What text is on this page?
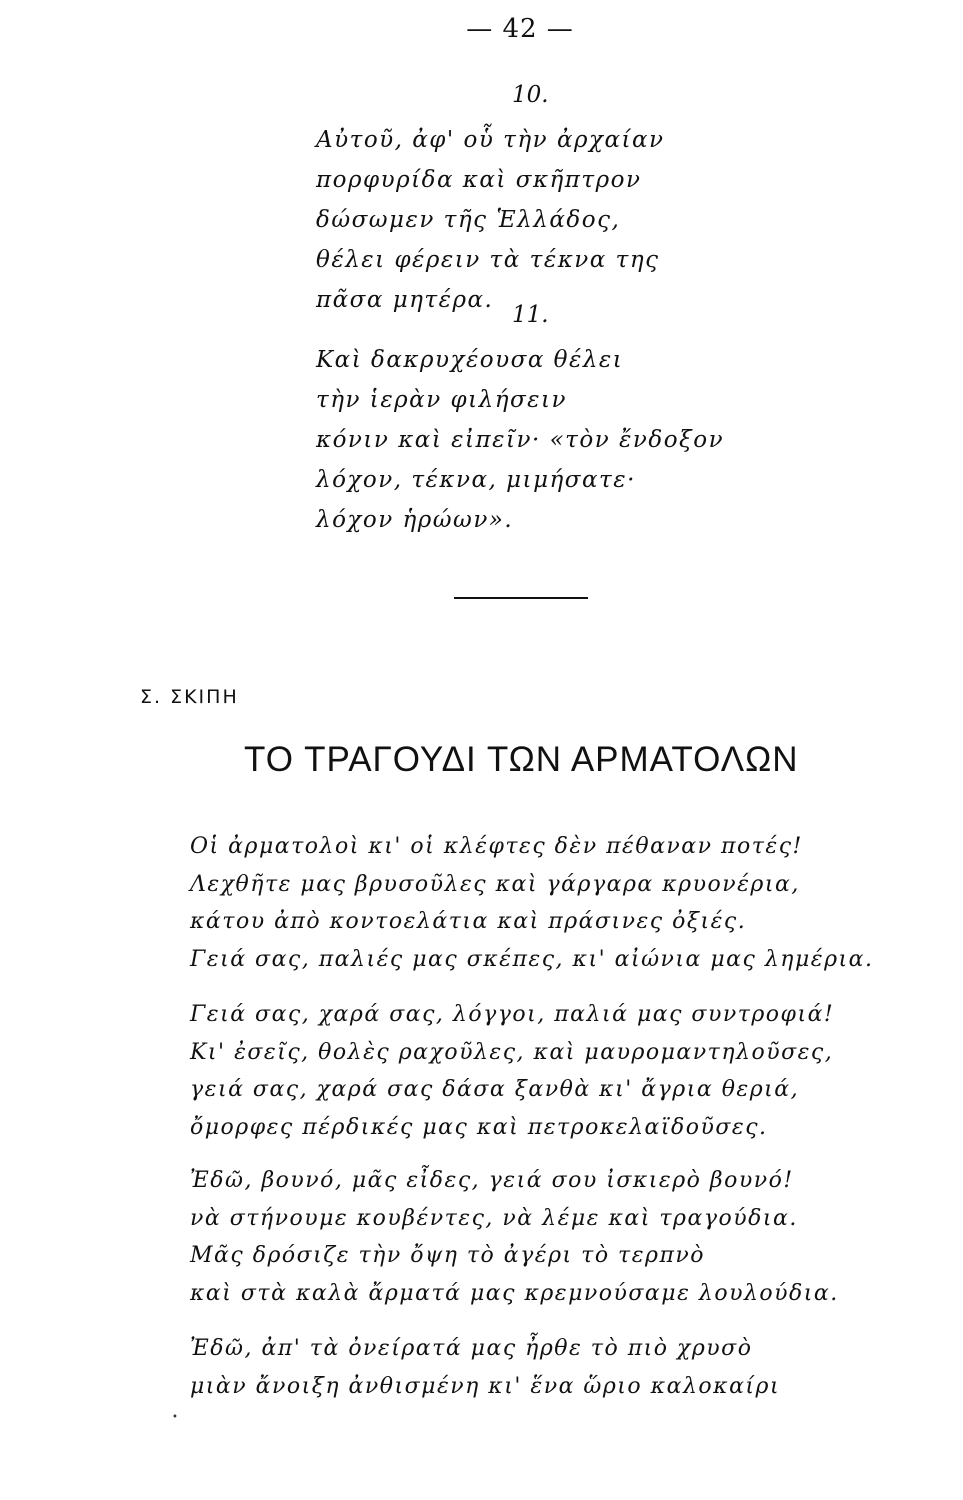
— 42 —
10.
Αὐτοῦ, ἀφ' οὗ τὴν ἀρχαίαν
πορφυρίδα καὶ σκῆπτρον
δώσωμεν τῆς Ἑλλάδος,
θέλει φέρειν τὰ τέκνα της
πᾶσα μητέρα.
11.
Καὶ δακρυχέουσα θέλει
τὴν ἱερὰν φιλήσειν
κόνιν καὶ εἰπεῖν· «τὸν ἔνδοξον
λόχον, τέκνα, μιμήσατε·
λόχον ἡρώων».
Σ. ΣΚΙΠΗ
ΤΟ ΤΡΑΓΟΥΔΙ ΤΩΝ ΑΡΜΑΤΟΛΩΝ
Οἱ ἀρματολοὶ κι' οἱ κλέφτες δὲν πέθαναν ποτές!
Λεχθῆτε μας βρυσοῦλες καὶ γάργαρα κρυονέρια,
κάτου ἀπὸ κοντοελάτια καὶ πράσινες ὀξιές.
Γειά σας, παλιές μας σκέπες, κι' αἰώνια μας λημέρια.
Γειά σας, χαρά σας, λόγγοι, παλιά μας συντροφιά!
Κι' ἐσεῖς, θολὲς ραχοῦλες, καὶ μαυρομαντηλοῦσες,
γειά σας, χαρά σας δάσα ξανθὰ κι' ἄγρια θεριά,
ὄμορφες πέρδικές μας καὶ πετροκελαϊδοῦσες.
Ἐδῶ, βουνό, μᾶς εἶδες, γειά σου ἰσκιερὸ βουνό!
νὰ στήνουμε κουβέντες, νὰ λέμε καὶ τραγούδια.
Μᾶς δρόσιζε τὴν ὄψη τὸ ἀγέρι τὸ τερπνὸ
καὶ στὰ καλὰ ἄρματά μας κρεμνούσαμε λουλούδια.
Ἐδῶ, ἀπ' τὰ ὀνείρατά μας ἦρθε τὸ πιὸ χρυσὸ
μιὰν ἄνοιξη ἀνθισμένη κι' ἕνα ὥριο καλοκαίρι
•
